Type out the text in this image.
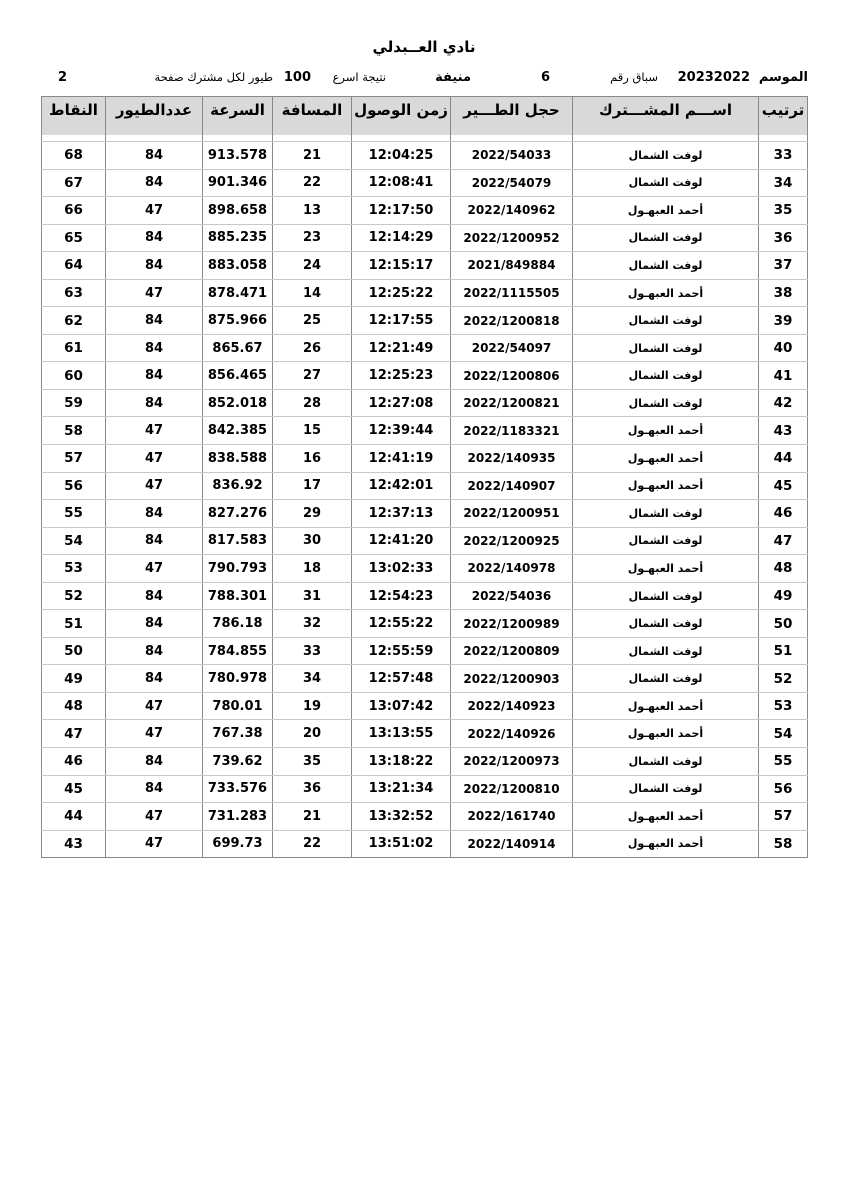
نادي العــبدلي
الموسم
20232022
سباق رقم
6
منيفة
نتيجة اسرع
100
طيور لكل مشترك صفحة
2
ترتيب	اســـم المشـــترك	حجل الطـــير	زمن الوصول	المسافة	السرعة	عددالطيور	النقاط

33	لوفت الشمال	2022/54033	12:04:25	21	913.578	84	68
34	لوفت الشمال	2022/54079	12:08:41	22	901.346	84	67
35	أحمد العبهـول	2022/140962	12:17:50	13	898.658	47	66
36	لوفت الشمال	2022/1200952	12:14:29	23	885.235	84	65
37	لوفت الشمال	2021/849884	12:15:17	24	883.058	84	64
38	أحمد العبهـول	2022/1115505	12:25:22	14	878.471	47	63
39	لوفت الشمال	2022/1200818	12:17:55	25	875.966	84	62
40	لوفت الشمال	2022/54097	12:21:49	26	865.67	84	61
41	لوفت الشمال	2022/1200806	12:25:23	27	856.465	84	60
42	لوفت الشمال	2022/1200821	12:27:08	28	852.018	84	59
43	أحمد العبهـول	2022/1183321	12:39:44	15	842.385	47	58
44	أحمد العبهـول	2022/140935	12:41:19	16	838.588	47	57
45	أحمد العبهـول	2022/140907	12:42:01	17	836.92	47	56
46	لوفت الشمال	2022/1200951	12:37:13	29	827.276	84	55
47	لوفت الشمال	2022/1200925	12:41:20	30	817.583	84	54
48	أحمد العبهـول	2022/140978	13:02:33	18	790.793	47	53
49	لوفت الشمال	2022/54036	12:54:23	31	788.301	84	52
50	لوفت الشمال	2022/1200989	12:55:22	32	786.18	84	51
51	لوفت الشمال	2022/1200809	12:55:59	33	784.855	84	50
52	لوفت الشمال	2022/1200903	12:57:48	34	780.978	84	49
53	أحمد العبهـول	2022/140923	13:07:42	19	780.01	47	48
54	أحمد العبهـول	2022/140926	13:13:55	20	767.38	47	47
55	لوفت الشمال	2022/1200973	13:18:22	35	739.62	84	46
56	لوفت الشمال	2022/1200810	13:21:34	36	733.576	84	45
57	أحمد العبهـول	2022/161740	13:32:52	21	731.283	47	44
58	أحمد العبهـول	2022/140914	13:51:02	22	699.73	47	43
